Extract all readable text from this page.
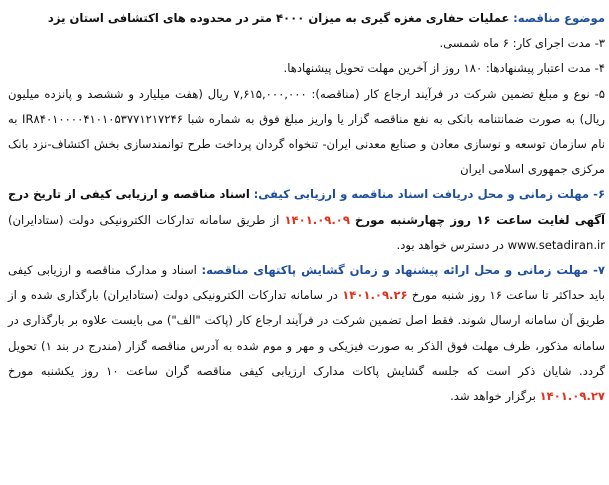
موضوع مناقصه: عملیات حفاری مغزه گیری به میزان ۴۰۰۰ متر در محدوده های اکتشافی استان یزد

۳- مدت اجرای کار: ۶ ماه شمسی.

۴- مدت اعتبار پیشنهادها: ۱۸۰ روز از آخرین مهلت تحویل پیشنهادها.

۵- نوع و مبلغ تضمین شرکت در فرآیند ارجاع کار (مناقصه): ۷,۶۱۵,۰۰۰,۰۰۰ ریال (هفت میلیارد و ششصد و پانزده میلیون ریال) به صورت ضمانتنامه بانکی به نفع مناقصه گزار یا واریز مبلغ فوق به شماره شبا IR۸۴۰۱۰۰۰۰۴۱۰۱۰۵۳۷۷۱۲۱۷۲۴۶ به نام سازمان توسعه و نوسازی معادن و صنایع معدنی ایران- تنخواه گردان پرداخت طرح توانمندسازی بخش اکتشاف-نزد بانک مرکزی جمهوری اسلامی ایران

۶- مهلت زمانی و محل دریافت اسناد مناقصه و ارزیابی کیفی: اسناد مناقصه و ارزیابی کیفی از تاریخ درج آگهی لغایت ساعت ۱۶ روز چهارشنبه مورخ ۱۴۰۱.۰۹.۰۹ از طریق سامانه تدارکات الکترونیکی دولت (ستادایران) www.setadiran.ir در دسترس خواهد بود.

۷- مهلت زمانی و محل ارائه پیشنهاد و زمان گشایش پاکتهای مناقصه: اسناد و مدارک مناقصه و ارزیابی کیفی باید حداکثر تا ساعت ۱۶ روز شنبه مورخ ۱۴۰۱.۰۹.۲۶ در سامانه تدارکات الکترونیکی دولت (ستادایران) بارگذاری شده و از طریق آن سامانه ارسال شوند. فقط اصل تضمین شرکت در فرآیند ارجاع کار (پاکت "الف") می بایست علاوه بر بارگذاری در سامانه مذکور، ظرف مهلت فوق الذکر به صورت فیزیکی و مهر و موم شده به آدرس مناقصه گزار (مندرج در بند ۱) تحویل گردد. شایان ذکر است که جلسه گشایش پاکات مدارک ارزیابی کیفی مناقصه گران ساعت ۱۰ روز یکشنبه مورخ ۱۴۰۱.۰۹.۲۷ برگزار خواهد شد.
